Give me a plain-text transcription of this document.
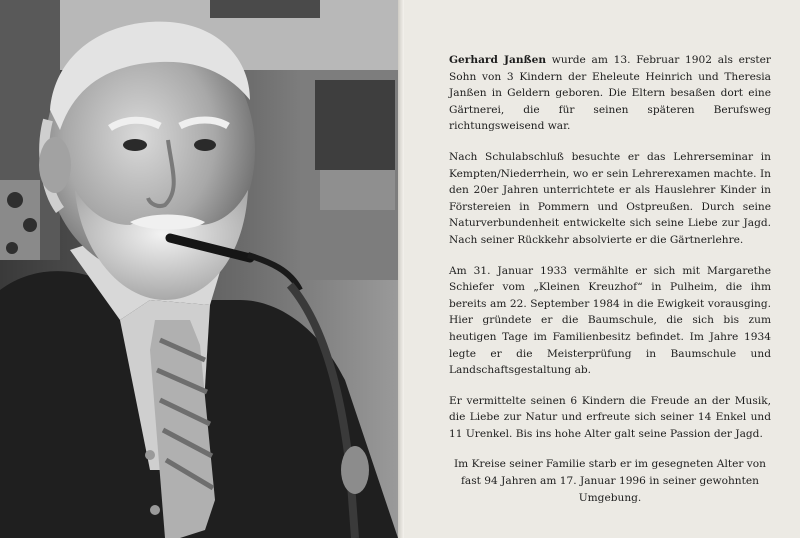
Gerhard Janßen wurde am 13. Februar 1902 als erster Sohn von 3 Kindern der Eheleute Heinrich und Theresia Janßen in Geldern geboren. Die Eltern besaßen dort eine Gärtnerei, die für seinen späteren Berufsweg richtungsweisend war.

Nach Schulabschluß besuchte er das Lehrerseminar in Kempten/Niederrhein, wo er sein Lehrerexamen machte. In den 20er Jahren unterrichtete er als Hauslehrer Kinder in Förstereien in Pommern und Ostpreußen. Durch seine Naturverbundenheit entwickelte sich seine Liebe zur Jagd. Nach seiner Rückkehr absolvierte er die Gärtnerlehre.

Am 31. Januar 1933 vermählte er sich mit Margarethe Schiefer vom „Kleinen Kreuzhof“ in Pulheim, die ihm bereits am 22. September 1984 in die Ewigkeit vorausging. Hier gründete er die Baumschule, die sich bis zum heutigen Tage im Familienbesitz befindet. Im Jahre 1934 legte er die Meisterprüfung in Baumschule und Landschaftsgestaltung ab.

Er vermittelte seinen 6 Kindern die Freude an der Musik, die Liebe zur Natur und erfreute sich seiner 14 Enkel und 11 Urenkel. Bis ins hohe Alter galt seine Passion der Jagd.

Im Kreise seiner Familie starb er im gesegneten Alter von fast 94 Jahren am 17. Januar 1996 in seiner gewohnten Umgebung.
